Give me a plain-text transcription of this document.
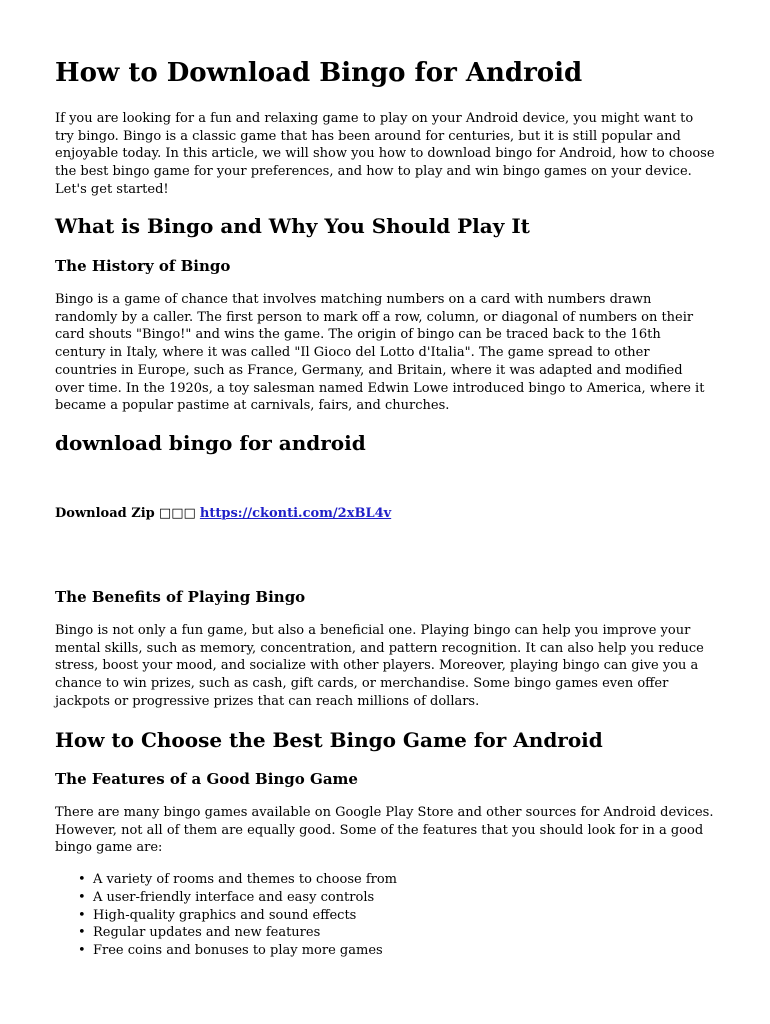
How to Download Bingo for Android

If you are looking for a fun and relaxing game to play on your Android device, you might want to try bingo. Bingo is a classic game that has been around for centuries, but it is still popular and enjoyable today. In this article, we will show you how to download bingo for Android, how to choose the best bingo game for your preferences, and how to play and win bingo games on your device. Let's get started!

What is Bingo and Why You Should Play It
The History of Bingo

Bingo is a game of chance that involves matching numbers on a card with numbers drawn randomly by a caller. The first person to mark off a row, column, or diagonal of numbers on their card shouts "Bingo!" and wins the game. The origin of bingo can be traced back to the 16th century in Italy, where it was called "Il Gioco del Lotto d'Italia". The game spread to other countries in Europe, such as France, Germany, and Britain, where it was adapted and modified over time. In the 1920s, a toy salesman named Edwin Lowe introduced bingo to America, where it became a popular pastime at carnivals, fairs, and churches.

download bingo for android
Download Zip □□□ https://ckonti.com/2xBL4v
The Benefits of Playing Bingo

Bingo is not only a fun game, but also a beneficial one. Playing bingo can help you improve your mental skills, such as memory, concentration, and pattern recognition. It can also help you reduce stress, boost your mood, and socialize with other players. Moreover, playing bingo can give you a chance to win prizes, such as cash, gift cards, or merchandise. Some bingo games even offer jackpots or progressive prizes that can reach millions of dollars.

How to Choose the Best Bingo Game for Android
The Features of a Good Bingo Game

There are many bingo games available on Google Play Store and other sources for Android devices. However, not all of them are equally good. Some of the features that you should look for in a good bingo game are:

• A variety of rooms and themes to choose from
• A user-friendly interface and easy controls
• High-quality graphics and sound effects
• Regular updates and new features
• Free coins and bonuses to play more games
